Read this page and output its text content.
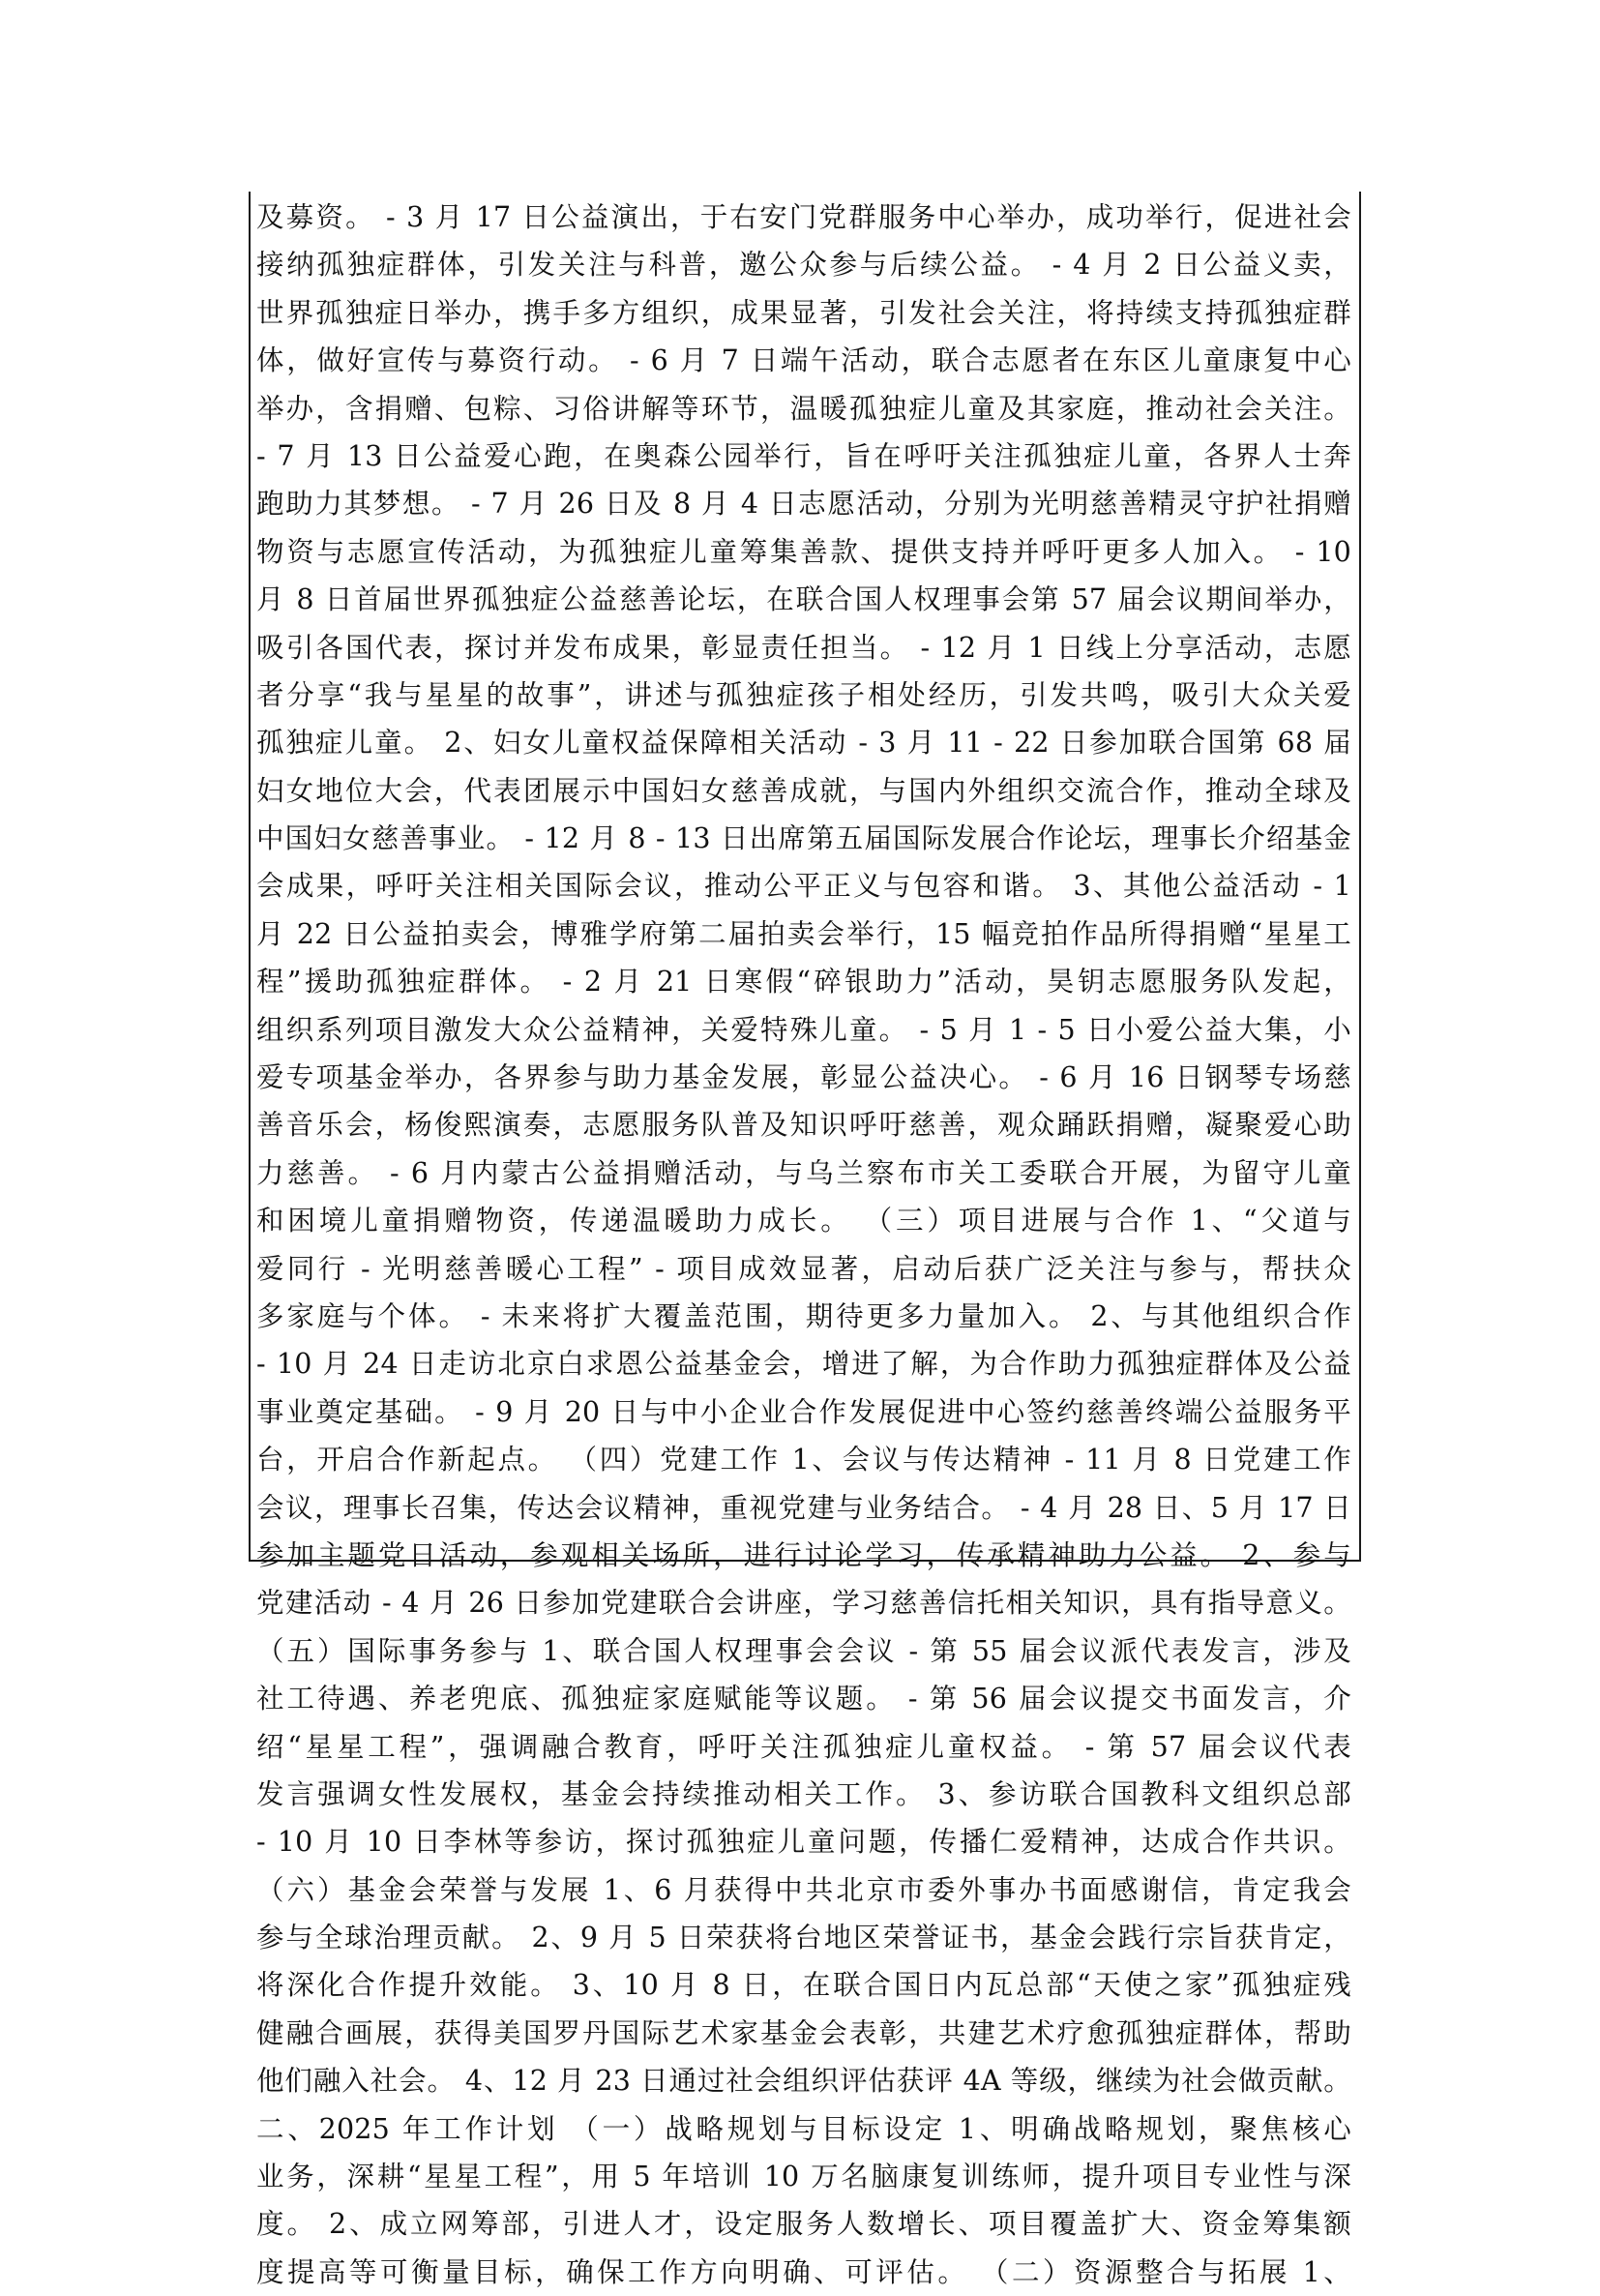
及募资。 - 3 月 17 日公益演出，于右安门党群服务中心举办，成功举行，促进社会
接纳孤独症群体，引发关注与科普，邀公众参与后续公益。 - 4 月 2 日公益义卖，
世界孤独症日举办，携手多方组织，成果显著，引发社会关注，将持续支持孤独症群
体，做好宣传与募资行动。 - 6 月 7 日端午活动，联合志愿者在东区儿童康复中心
举办，含捐赠、包粽、习俗讲解等环节，温暖孤独症儿童及其家庭，推动社会关注。
- 7 月 13 日公益爱心跑，在奥森公园举行，旨在呼吁关注孤独症儿童，各界人士奔
跑助力其梦想。 - 7 月 26 日及 8 月 4 日志愿活动，分别为光明慈善精灵守护社捐赠
物资与志愿宣传活动，为孤独症儿童筹集善款、提供支持并呼吁更多人加入。 - 10
月 8 日首届世界孤独症公益慈善论坛，在联合国人权理事会第 57 届会议期间举办，
吸引各国代表，探讨并发布成果，彰显责任担当。 - 12 月 1 日线上分享活动，志愿
者分享“我与星星的故事”，讲述与孤独症孩子相处经历，引发共鸣，吸引大众关爱
孤独症儿童。 2、妇女儿童权益保障相关活动 - 3 月 11 - 22 日参加联合国第 68 届
妇女地位大会，代表团展示中国妇女慈善成就，与国内外组织交流合作，推动全球及
中国妇女慈善事业。 - 12 月 8 - 13 日出席第五届国际发展合作论坛，理事长介绍基金
会成果，呼吁关注相关国际会议，推动公平正义与包容和谐。 3、其他公益活动 - 1
月 22 日公益拍卖会，博雅学府第二届拍卖会举行，15 幅竞拍作品所得捐赠“星星工
程”援助孤独症群体。 - 2 月 21 日寒假“碎银助力”活动，昊钥志愿服务队发起，
组织系列项目激发大众公益精神，关爱特殊儿童。 - 5 月 1 - 5 日小爱公益大集，小
爱专项基金举办，各界参与助力基金发展，彰显公益决心。 - 6 月 16 日钢琴专场慈
善音乐会，杨俊熙演奏，志愿服务队普及知识呼吁慈善，观众踊跃捐赠，凝聚爱心助
力慈善。 - 6 月内蒙古公益捐赠活动，与乌兰察布市关工委联合开展，为留守儿童
和困境儿童捐赠物资，传递温暖助力成长。 （三）项目进展与合作 1、“父道与
爱同行 - 光明慈善暖心工程” - 项目成效显著，启动后获广泛关注与参与，帮扶众
多家庭与个体。 - 未来将扩大覆盖范围，期待更多力量加入。 2、与其他组织合作
- 10 月 24 日走访北京白求恩公益基金会，增进了解，为合作助力孤独症群体及公益
事业奠定基础。 - 9 月 20 日与中小企业合作发展促进中心签约慈善终端公益服务平
台，开启合作新起点。 （四）党建工作 1、会议与传达精神 - 11 月 8 日党建工作
会议，理事长召集，传达会议精神，重视党建与业务结合。 - 4 月 28 日、5 月 17 日
参加主题党日活动，参观相关场所，进行讨论学习，传承精神助力公益。 2、参与
党建活动 - 4 月 26 日参加党建联合会讲座，学习慈善信托相关知识，具有指导意义。
（五）国际事务参与 1、联合国人权理事会会议 - 第 55 届会议派代表发言，涉及
社工待遇、养老兜底、孤独症家庭赋能等议题。 - 第 56 届会议提交书面发言，介
绍“星星工程”，强调融合教育，呼吁关注孤独症儿童权益。 - 第 57 届会议代表
发言强调女性发展权，基金会持续推动相关工作。 3、参访联合国教科文组织总部
- 10 月 10 日李林等参访，探讨孤独症儿童问题，传播仁爱精神，达成合作共识。
（六）基金会荣誉与发展 1、6 月获得中共北京市委外事办书面感谢信，肯定我会
参与全球治理贡献。 2、9 月 5 日荣获将台地区荣誉证书，基金会践行宗旨获肯定，
将深化合作提升效能。 3、10 月 8 日，在联合国日内瓦总部“天使之家”孤独症残
健融合画展，获得美国罗丹国际艺术家基金会表彰，共建艺术疗愈孤独症群体，帮助
他们融入社会。 4、12 月 23 日通过社会组织评估获评 4A 等级，继续为社会做贡献。
二、2025 年工作计划 （一）战略规划与目标设定 1、明确战略规划，聚焦核心
业务，深耕“星星工程”，用 5 年培训 10 万名脑康复训练师，提升项目专业性与深
度。 2、成立网筹部，引进人才，设定服务人数增长、项目覆盖扩大、资金筹集额
度提高等可衡量目标，确保工作方向明确、可评估。 （二）资源整合与拓展 1、
